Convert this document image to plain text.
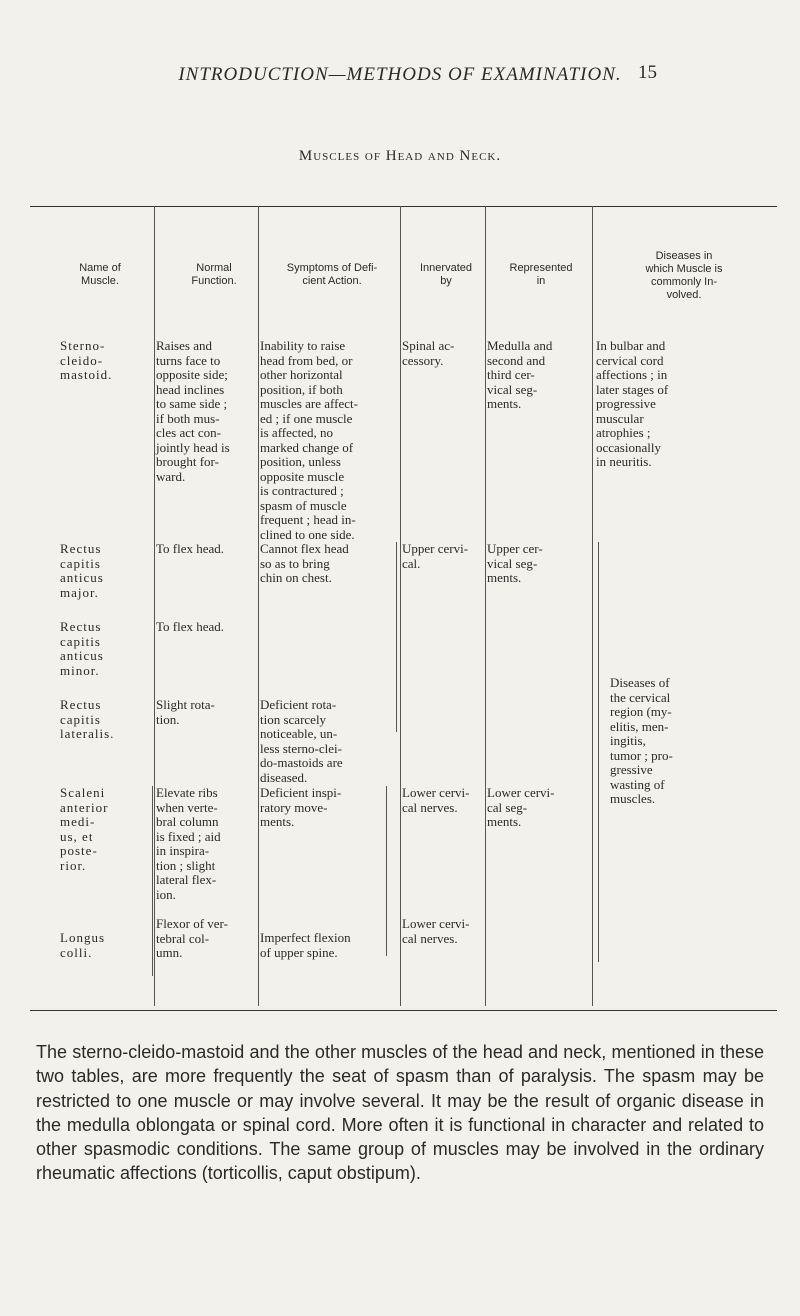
INTRODUCTION—METHODS OF EXAMINATION. 15
Muscles of Head and Neck.
Name of
Muscle.
Normal
Function.
Symptoms of Defi-
cient Action.
Innervated
by
Represented
in
Diseases in
which Muscle is
commonly In-
volved.
Sterno-
cleido-
mastoid.
Raises and
turns face to
opposite side;
head inclines
to same side ;
if both mus-
cles act con-
jointly head is
brought for-
ward.
Inability to raise
head from bed, or
other horizontal
position, if both
muscles are affect-
ed ; if one muscle
is affected, no
marked change of
position, unless
opposite muscle
is contractured ;
spasm of muscle
frequent ; head in-
clined to one side.
Spinal ac-
cessory.
Medulla and
second and
third cer-
vical seg-
ments.
In bulbar and
cervical cord
affections ; in
later stages of
progressive
muscular
atrophies ;
occasionally
in neuritis.
Rectus
capitis
anticus
major.
To flex head.	Cannot flex head
so as to bring
chin on chest.
Upper cervi-
cal.
Upper cer-
vical seg-
ments.
Rectus
capitis
anticus
minor.
To flex head.
Rectus
capitis
lateralis.
Slight rota-
tion.
Deficient rota-
tion scarcely
noticeable, un-
less sterno-clei-
do-mastoids are
diseased.
Diseases of
the cervical
region (my-
elitis, men-
ingitis,
tumor ; pro-
gressive
wasting of
muscles.
Scaleni
anterior
medi-
us, et
poste-
rior.
Elevate ribs
when verte-
bral column
is fixed ; aid
in inspira-
tion ; slight
lateral flex-
ion.
Deficient inspi-
ratory move-
ments.
Lower cervi-
cal nerves.
Lower cervi-
cal seg-
ments.
Longus
colli.
Flexor of ver-
tebral col-
umn.
Imperfect flexion
of upper spine.
Lower cervi-
cal nerves.
The sterno-cleido-mastoid and the other muscles of the head and neck, mentioned in these two tables, are more frequently the seat of spasm than of paralysis. The spasm may be restricted to one muscle or may involve several. It may be the result of organic disease in the medulla oblongata or spinal cord. More often it is functional in character and related to other spasmodic conditions. The same group of muscles may be involved in the ordinary rheumatic affections (torticollis, caput obstipum).
